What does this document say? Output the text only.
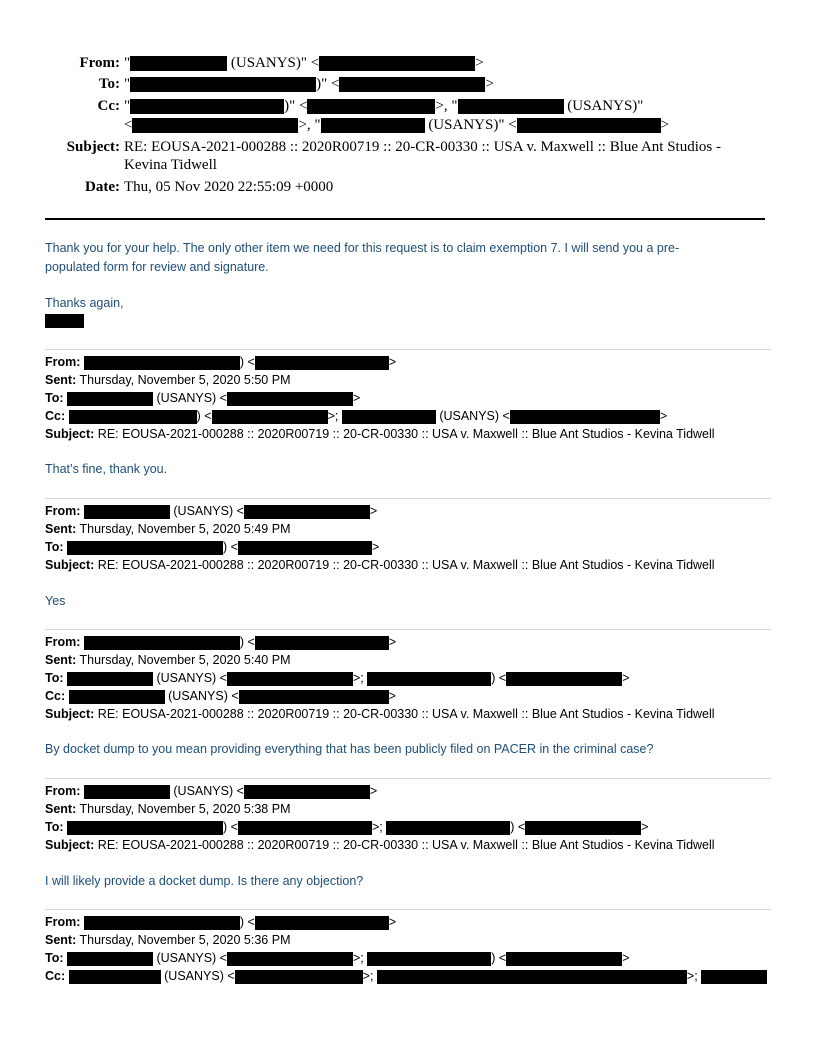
From: "	(USANYS)" <	>
To: "	)" <	>
Cc: "	)" <	>, "	(USANYS)"
<	>, "	(USANYS)" <	>
Subject: RE: EOUSA-2021-000288 :: 2020R00719 :: 20-CR-00330 :: USA v. Maxwell :: Blue Ant Studios -
Kevina Tidwell
Date: Thu, 05 Nov 2020 22:55:09 +0000
Thank you for your help. The only other item we need for this request is to claim exemption 7. I will send you a pre-
populated form for review and signature.
Thanks again,
From:	) <	>
Sent: Thursday, November 5, 2020 5:50 PM
To:	(USANYS) <	>
Cc:	) <	>;	(USANYS) <	>
Subject: RE: EOUSA-2021-000288 :: 2020R00719 :: 20-CR-00330 :: USA v. Maxwell :: Blue Ant Studios - Kevina Tidwell
That’s fine, thank you.
From:	(USANYS) <	>
Sent: Thursday, November 5, 2020 5:49 PM
To:	) <	>
Subject: RE: EOUSA-2021-000288 :: 2020R00719 :: 20-CR-00330 :: USA v. Maxwell :: Blue Ant Studios - Kevina Tidwell
Yes
From:	) <	>
Sent: Thursday, November 5, 2020 5:40 PM
To:	(USANYS) <	>;	) <	>
Cc:	(USANYS) <	>
Subject: RE: EOUSA-2021-000288 :: 2020R00719 :: 20-CR-00330 :: USA v. Maxwell :: Blue Ant Studios - Kevina Tidwell
By docket dump to you mean providing everything that has been publicly filed on PACER in the criminal case?
From:	(USANYS) <	>
Sent: Thursday, November 5, 2020 5:38 PM
To:	) <	>;	) <	>
Subject: RE: EOUSA-2021-000288 :: 2020R00719 :: 20-CR-00330 :: USA v. Maxwell :: Blue Ant Studios - Kevina Tidwell
I will likely provide a docket dump. Is there any objection?
From:	) <	>
Sent: Thursday, November 5, 2020 5:36 PM
To:	(USANYS) <	>;	) <	>
Cc:	(USANYS) <	>;	>;
